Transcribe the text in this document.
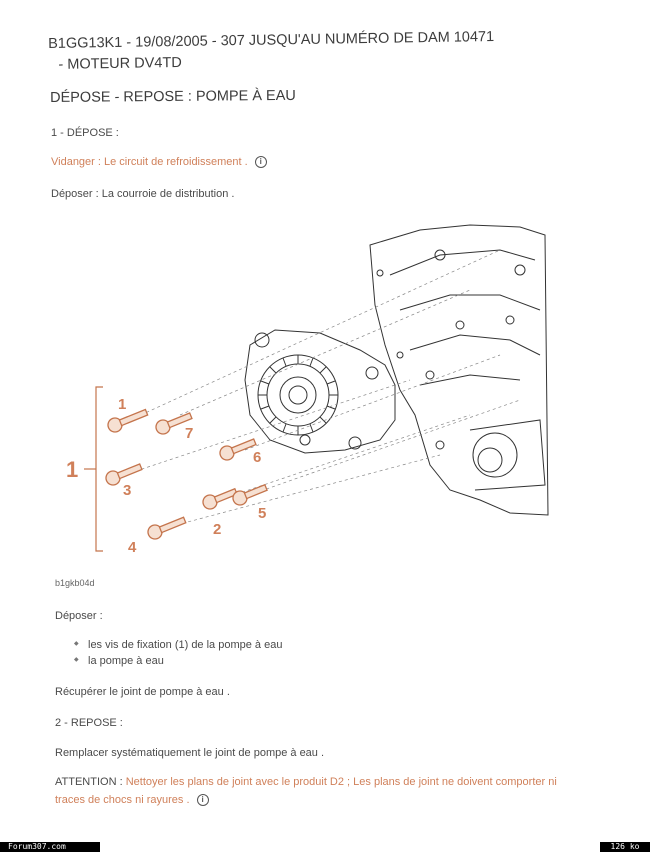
B1GG13K1 - 19/08/2005 - 307 JUSQU'AU NUMÉRO DE DAM 10471
- MOTEUR DV4TD
DÉPOSE - REPOSE : POMPE À EAU
1 - DÉPOSE :
Vidanger : Le circuit de refroidissement . i
Déposer : La courroie de distribution .
1
1
2
3
4
5
6
7
b1gkb04d
Déposer :
◆ les vis de fixation (1) de la pompe à eau
◆ la pompe à eau
Récupérer le joint de pompe à eau .
2 - REPOSE :
Remplacer systématiquement le joint de pompe à eau .
ATTENTION : Nettoyer les plans de joint avec le produit D2 ; Les plans de joint ne doivent comporter ni
traces de chocs ni rayures . i
Forum307.com	126 ko
